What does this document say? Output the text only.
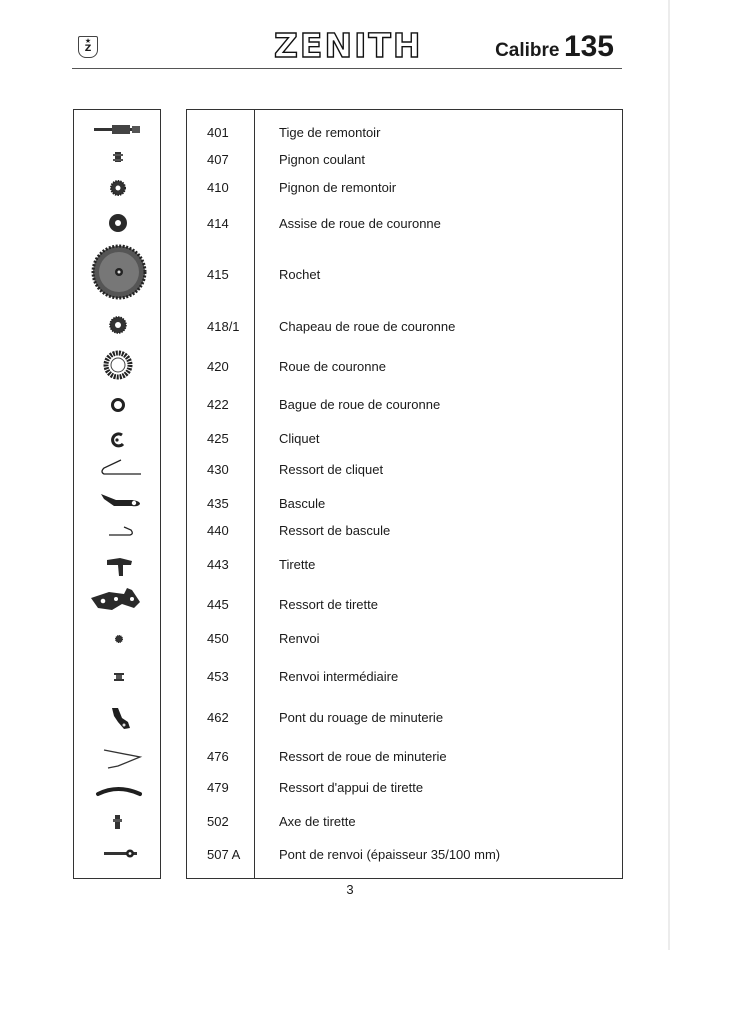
★
Z	ZENITH	Calibre 135
401	Tige de remontoir
407	Pignon coulant
410	Pignon de remontoir
414	Assise de roue de couronne
415	Rochet
418/1	Chapeau de roue de couronne
420	Roue de couronne
422	Bague de roue de couronne
425	Cliquet
430	Ressort de cliquet
435	Bascule
440	Ressort de bascule
443	Tirette
445	Ressort de tirette
450	Renvoi
453	Renvoi intermédiaire
462	Pont du rouage de minuterie
476	Ressort de roue de minuterie
479	Ressort d'appui de tirette
502	Axe de tirette
507 A	Pont de renvoi (épaisseur 35/100 mm)
3
